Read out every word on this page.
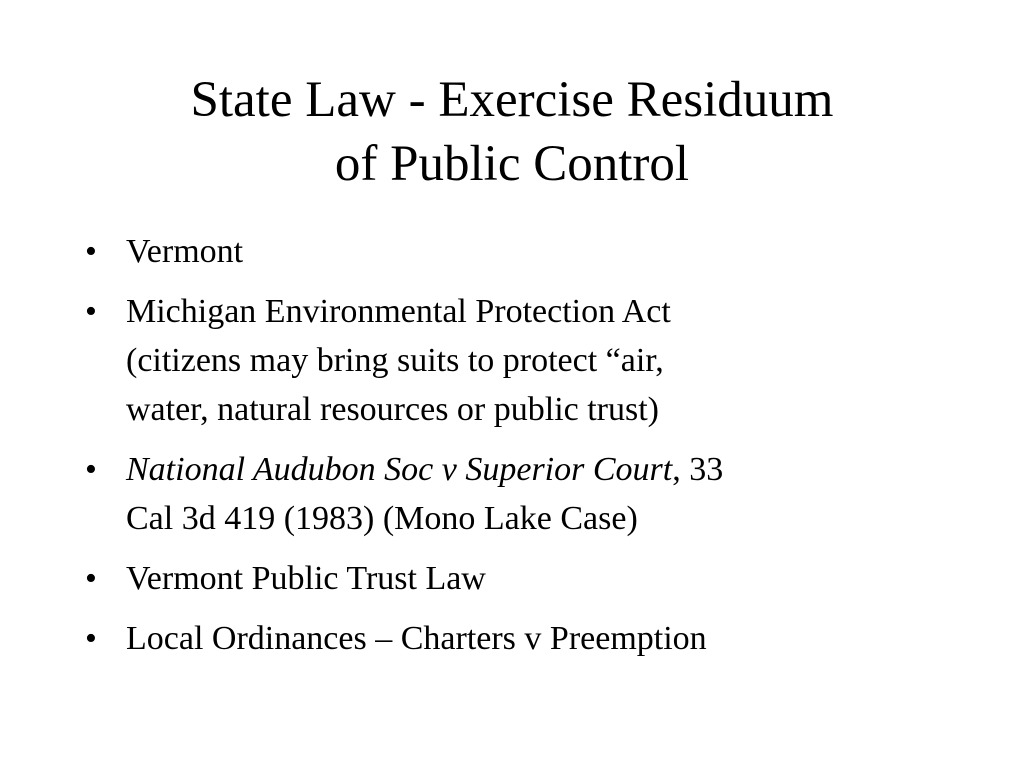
State Law - Exercise Residuum
of Public Control
• Vermont
• Michigan Environmental Protection Act
(citizens may bring suits to protect “air,
water, natural resources or public trust)
• National Audubon Soc v Superior Court, 33
Cal 3d 419 (1983) (Mono Lake Case)
• Vermont Public Trust Law
• Local Ordinances – Charters v Preemption
